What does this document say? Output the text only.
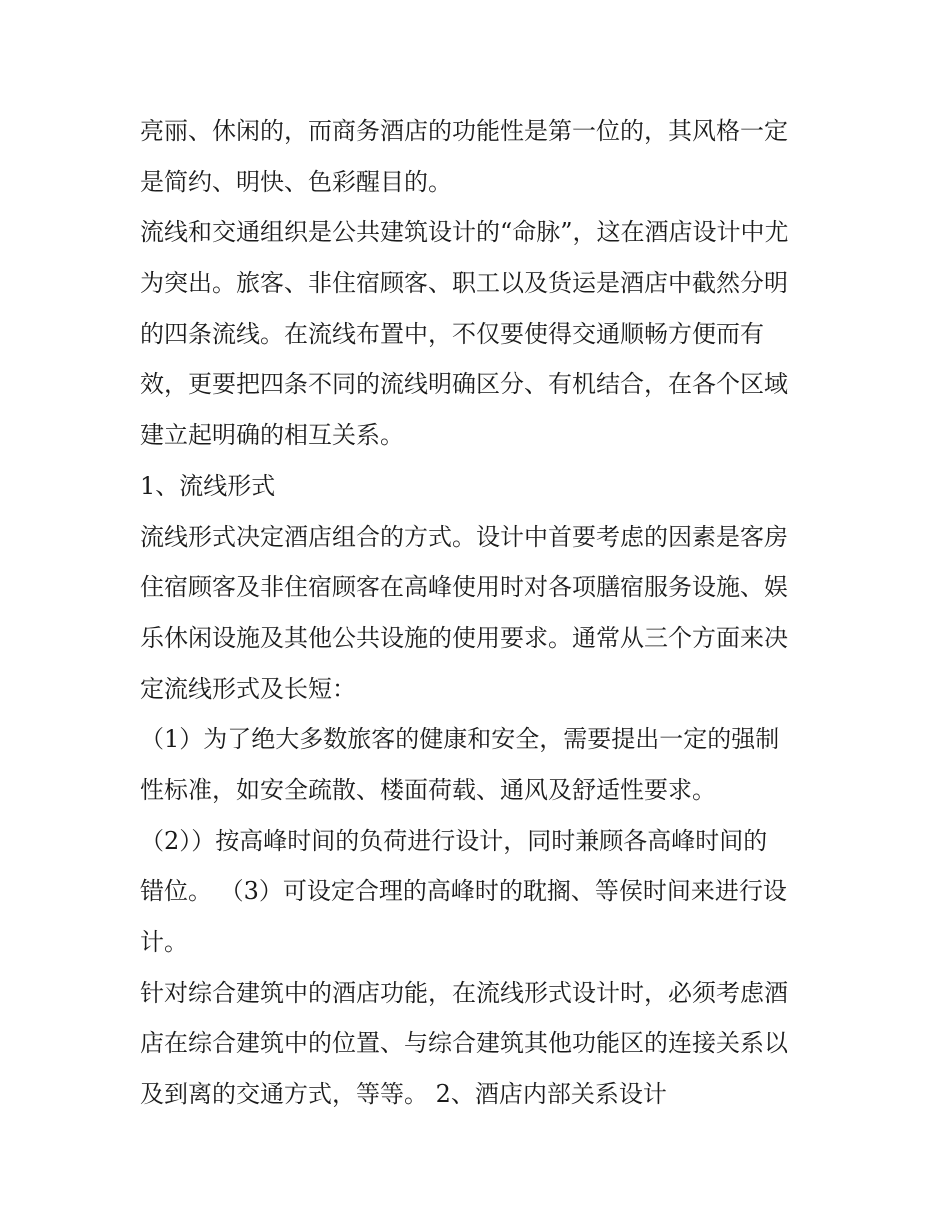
亮丽、休闲的，而商务酒店的功能性是第一位的，其风格一定
是简约、明快、色彩醒目的。
流线和交通组织是公共建筑设计的“命脉”，这在酒店设计中尤
为突出。旅客、非住宿顾客、职工以及货运是酒店中截然分明
的四条流线。在流线布置中，不仅要使得交通顺畅方便而有
效，更要把四条不同的流线明确区分、有机结合，在各个区域
建立起明确的相互关系。
1、流线形式
流线形式决定酒店组合的方式。设计中首要考虑的因素是客房
住宿顾客及非住宿顾客在高峰使用时对各项膳宿服务设施、娱
乐休闲设施及其他公共设施的使用要求。通常从三个方面来决
定流线形式及长短：
（1）为了绝大多数旅客的健康和安全，需要提出一定的强制
性标准，如安全疏散、楼面荷载、通风及舒适性要求。
（2））按高峰时间的负荷进行设计，同时兼顾各高峰时间的
错位。 （3）可设定合理的高峰时的耽搁、等侯时间来进行设
计。
针对综合建筑中的酒店功能，在流线形式设计时，必须考虑酒
店在综合建筑中的位置、与综合建筑其他功能区的连接关系以
及到离的交通方式，等等。 2、酒店内部关系设计
